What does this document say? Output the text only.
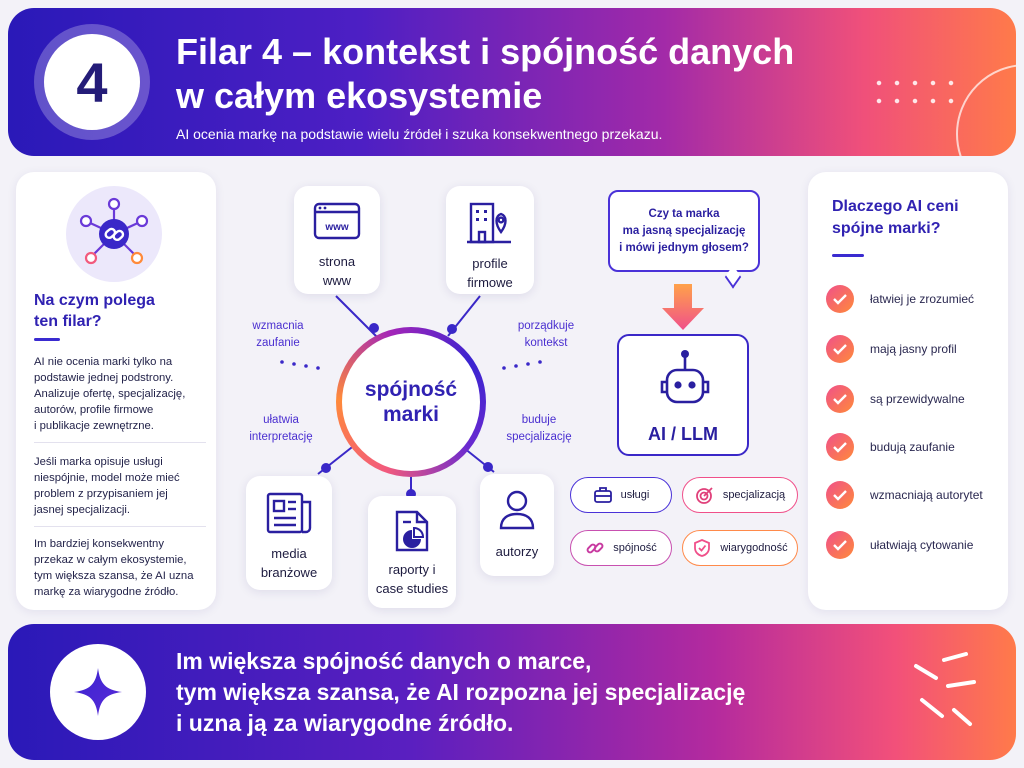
4	Filar 4 – kontekst i spójność danych
w całym ekosystemie
AI ocenia markę na podstawie wielu źródeł i szuka konsekwentnego przekazu.
Na czym polega
ten filar?
AI nie ocenia marki tylko na
podstawie jednej podstrony.
Analizuje ofertę, specjalizację,
autorów, profile firmowe
i publikacje zewnętrzne.
Jeśli marka opisuje usługi
niespójnie, model może mieć
problem z przypisaniem jej
jasnej specjalizacji.
Im bardziej konsekwentny
przekaz w całym ekosystemie,
tym większa szansa, że AI uzna
markę za wiarygodne źródło.
www
strona
www
profile
firmowe
media
branżowe	raporty i
case studies
autorzy
spójność
marki
wzmacnia
zaufanie
porządkuje
kontekst
ułatwia
interpretację
buduje
specjalizację
Czy ta marka
ma jasną specjalizację
i mówi jednym głosem?
AI / LLM
usługi	specjalizacją
spójność	wiarygodność
Dlaczego AI ceni
spójne marki?
łatwiej je zrozumieć
mają jasny profil
są przewidywalne
budują zaufanie
wzmacniają autorytet
ułatwiają cytowanie
Im większa spójność danych o marce,
tym większa szansa, że AI rozpozna jej specjalizację
i uzna ją za wiarygodne źródło.
